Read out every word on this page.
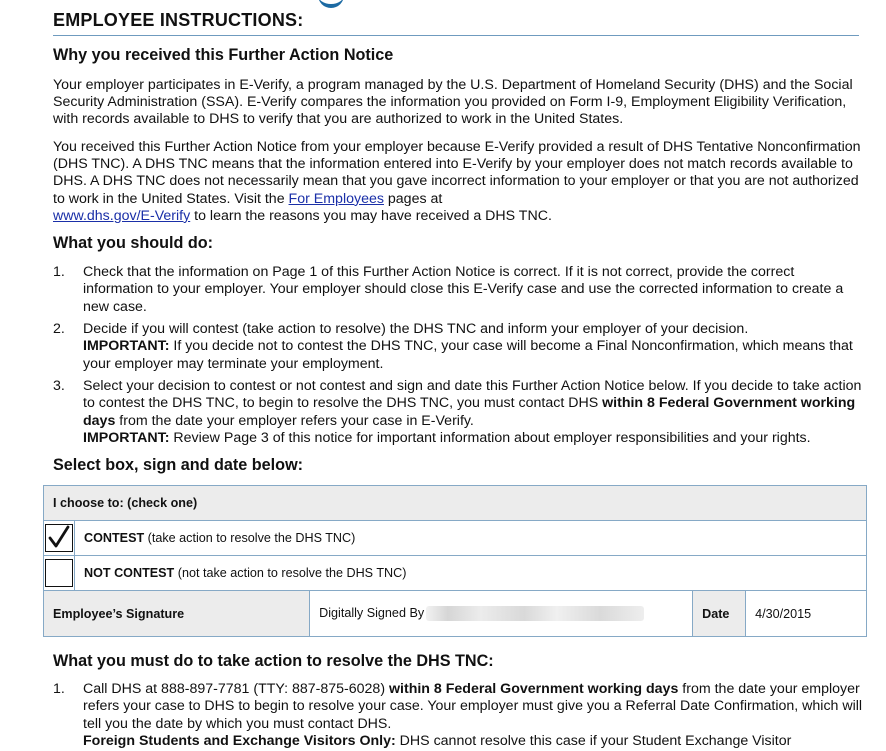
EMPLOYEE INSTRUCTIONS:
Why you received this Further Action Notice
Your employer participates in E-Verify, a program managed by the U.S. Department of Homeland Security (DHS) and the Social Security Administration (SSA). E-Verify compares the information you provided on Form I-9, Employment Eligibility Verification, with records available to DHS to verify that you are authorized to work in the United States.
You received this Further Action Notice from your employer because E-Verify provided a result of DHS Tentative Nonconfirmation (DHS TNC). A DHS TNC means that the information entered into E-Verify by your employer does not match records available to DHS. A DHS TNC does not necessarily mean that you gave incorrect information to your employer or that you are not authorized to work in the United States. Visit the For Employees pages at
www.dhs.gov/E-Verify to learn the reasons you may have received a DHS TNC.
What you should do:
1. Check that the information on Page 1 of this Further Action Notice is correct. If it is not correct, provide the correct information to your employer. Your employer should close this E-Verify case and use the corrected information to create a new case.
2. Decide if you will contest (take action to resolve) the DHS TNC and inform your employer of your decision.
IMPORTANT: If you decide not to contest the DHS TNC, your case will become a Final Nonconfirmation, which means that your employer may terminate your employment.
3. Select your decision to contest or not contest and sign and date this Further Action Notice below. If you decide to take action to contest the DHS TNC, to begin to resolve the DHS TNC, you must contact DHS within 8 Federal Government working days from the date your employer refers your case in E-Verify.
IMPORTANT: Review Page 3 of this notice for important information about employer responsibilities and your rights.
Select box, sign and date below:
I choose to: (check one)				

	CONTEST (take action to resolve the DHS TNC)			
	NOT CONTEST (not take action to resolve the DHS TNC)			
Employee’s Signature		Digitally Signed By	Date	4/30/2015
What you must do to take action to resolve the DHS TNC:
1. Call DHS at 888-897-7781 (TTY: 887-875-6028) within 8 Federal Government working days from the date your employer refers your case to DHS to begin to resolve your case. Your employer must give you a Referral Date Confirmation, which will tell you the date by which you must contact DHS.
Foreign Students and Exchange Visitors Only: DHS cannot resolve this case if your Student Exchange Visitor
